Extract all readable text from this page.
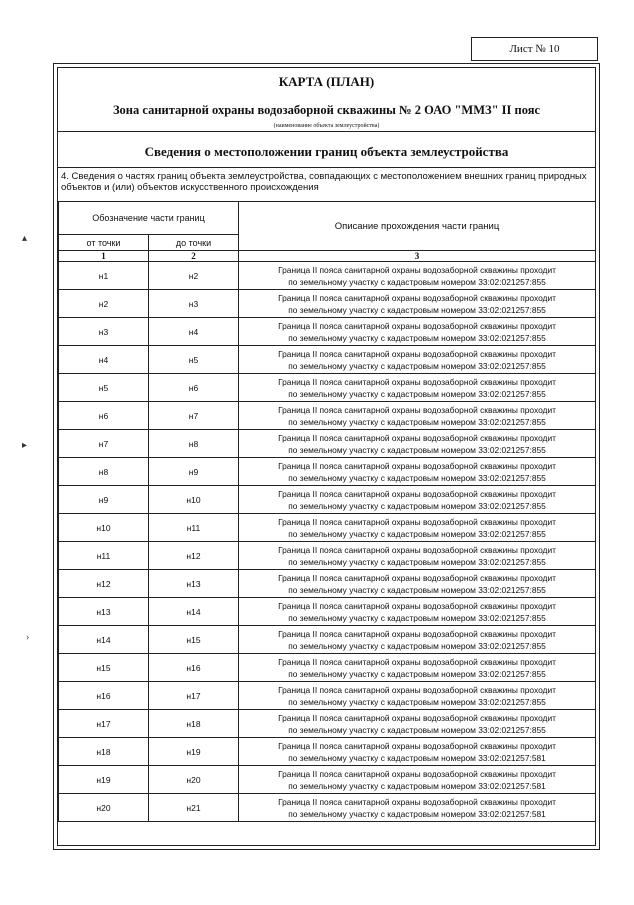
Лист № 10
КАРТА (ПЛАН)
Зона санитарной охраны водозаборной скважины № 2 ОАО "ММЗ" II пояс
(наименование объекта землеустройства)
Сведения о местоположении границ объекта землеустройства
4. Сведения о частях границ объекта землеустройства, совпадающих с местоположением внешних границ природных объектов и (или) объектов искусственного происхождения
Обозначение части границ		Описание прохождения части границ
от точки	до точки	
1	2	3
н1	н2	Граница II пояса санитарной охраны водозаборной скважины проходит
по земельному участку с кадастровым номером 33:02:021257:855

н2	н3	Граница II пояса санитарной охраны водозаборной скважины проходит
по земельному участку с кадастровым номером 33:02:021257:855

н3	н4	Граница II пояса санитарной охраны водозаборной скважины проходит
по земельному участку с кадастровым номером 33:02:021257:855

н4	н5	Граница II пояса санитарной охраны водозаборной скважины проходит
по земельному участку с кадастровым номером 33:02:021257:855

н5	н6	Граница II пояса санитарной охраны водозаборной скважины проходит
по земельному участку с кадастровым номером 33:02:021257:855

н6	н7	Граница II пояса санитарной охраны водозаборной скважины проходит
по земельному участку с кадастровым номером 33:02:021257:855

н7	н8	Граница II пояса санитарной охраны водозаборной скважины проходит
по земельному участку с кадастровым номером 33:02:021257:855

н8	н9	Граница II пояса санитарной охраны водозаборной скважины проходит
по земельному участку с кадастровым номером 33:02:021257:855

н9	н10	Граница II пояса санитарной охраны водозаборной скважины проходит
по земельному участку с кадастровым номером 33:02:021257:855

н10	н11	Граница II пояса санитарной охраны водозаборной скважины проходит
по земельному участку с кадастровым номером 33:02:021257:855

н11	н12	Граница II пояса санитарной охраны водозаборной скважины проходит
по земельному участку с кадастровым номером 33:02:021257:855

н12	н13	Граница II пояса санитарной охраны водозаборной скважины проходит
по земельному участку с кадастровым номером 33:02:021257:855

н13	н14	Граница II пояса санитарной охраны водозаборной скважины проходит
по земельному участку с кадастровым номером 33:02:021257:855

н14	н15	Граница II пояса санитарной охраны водозаборной скважины проходит
по земельному участку с кадастровым номером 33:02:021257:855

н15	н16	Граница II пояса санитарной охраны водозаборной скважины проходит
по земельному участку с кадастровым номером 33:02:021257:855

н16	н17	Граница II пояса санитарной охраны водозаборной скважины проходит
по земельному участку с кадастровым номером 33:02:021257:855

н17	н18	Граница II пояса санитарной охраны водозаборной скважины проходит
по земельному участку с кадастровым номером 33:02:021257:855

н18	н19	Граница II пояса санитарной охраны водозаборной скважины проходит
по земельному участку с кадастровым номером 33:02:021257:581

н19	н20	Граница II пояса санитарной охраны водозаборной скважины проходит
по земельному участку с кадастровым номером 33:02:021257:581

н20	н21	Граница II пояса санитарной охраны водозаборной скважины проходит
по земельному участку с кадастровым номером 33:02:021257:581
▴
▸
›
